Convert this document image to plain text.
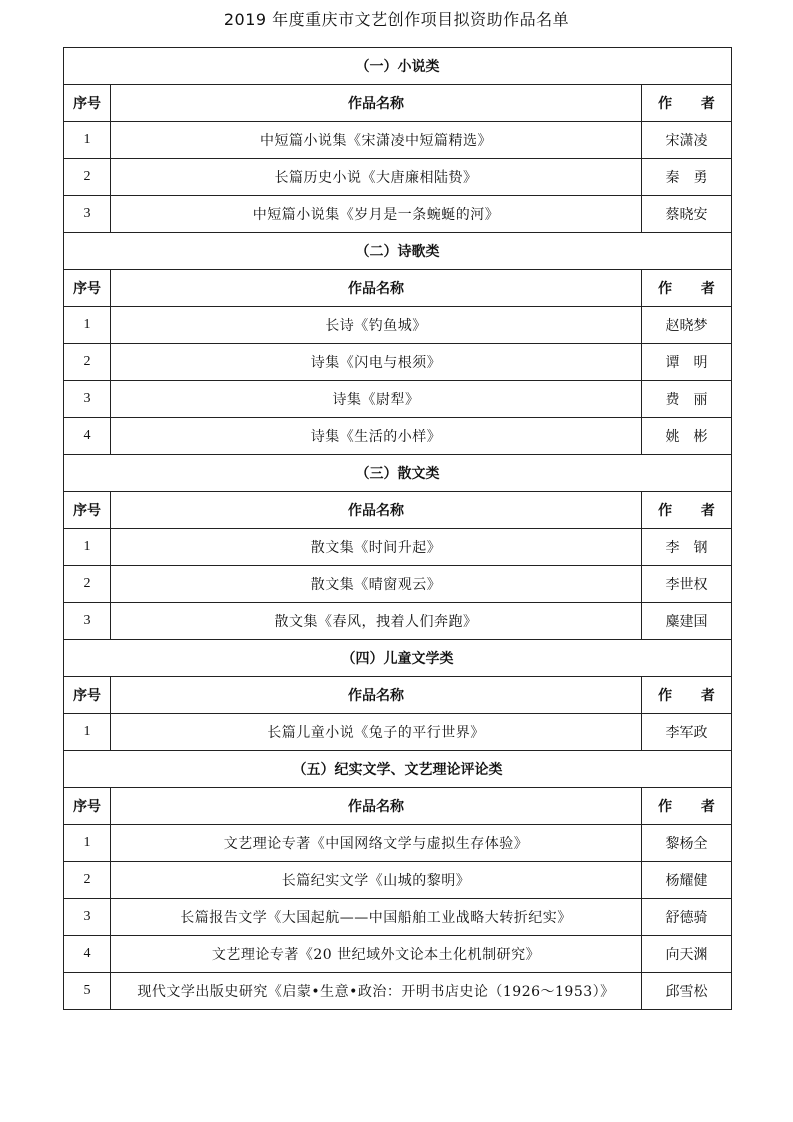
2019 年度重庆市文艺创作项目拟资助作品名单
（一）小说类		
序号	作品名称	作 者
1	中短篇小说集《宋潇凌中短篇精选》	宋潇凌
2	长篇历史小说《大唐廉相陆贽》	秦　勇
3	中短篇小说集《岁月是一条蜿蜒的河》	蔡晓安
（二）诗歌类		
序号	作品名称	作 者
1	长诗《钓鱼城》	赵晓梦
2	诗集《闪电与根须》	谭　明
3	诗集《尉犁》	费　丽
4	诗集《生活的小样》	姚　彬
（三）散文类		
序号	作品名称	作 者
1	散文集《时间升起》	李　钢
2	散文集《晴窗观云》	李世权
3	散文集《春风，拽着人们奔跑》	麋建国
（四）儿童文学类		
序号	作品名称	作 者
1	长篇儿童小说《兔子的平行世界》	李军政
（五）纪实文学、文艺理论评论类		
序号	作品名称	作 者
1	文艺理论专著《中国网络文学与虚拟生存体验》	黎杨全
2	长篇纪实文学《山城的黎明》	杨耀健
3	长篇报告文学《大国起航——中国船舶工业战略大转折纪实》	舒德骑
4	文艺理论专著《20 世纪域外文论本土化机制研究》	向天渊
5	现代文学出版史研究《启蒙•生意•政治：开明书店史论（1926～1953）》	邱雪松
